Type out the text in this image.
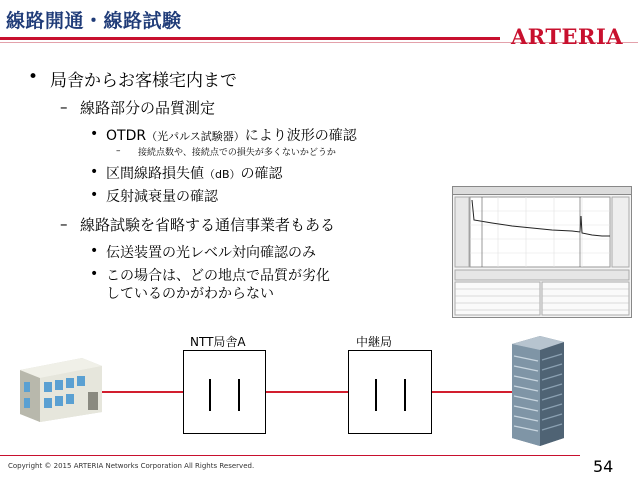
線路開通・線路試験
ARTERIA
• 局舎からお客様宅内まで
– 線路部分の品質測定
• OTDR（光パルス試験器）により波形の確認
– 接続点数や、接続点での損失が多くないかどうか
• 区間線路損失値（dB）の確認
• 反射減衰量の確認
– 線路試験を省略する通信事業者もある
• 伝送装置の光レベル対向確認のみ
• この場合は、どの地点で品質が劣化
しているのかがわからない
NTT局舎A	中継局
Copyright © 2015 ARTERIA Networks Corporation All Rights Reserved.	54
